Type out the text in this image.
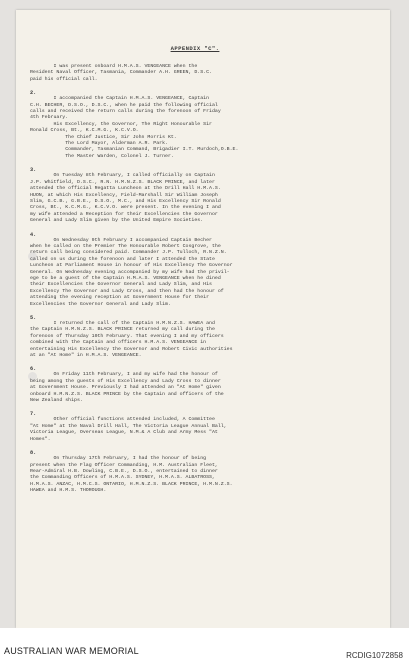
APPENDIX "C".

I was present onboard H.M.A.S. VENGEANCE when the
Resident Naval Officer, Tasmania, Commander A.H. GREEN, D.S.C.
paid his official call.

2.

I accompanied the Captain H.M.A.S. VENGEANCE, Captain
C.H. BECHER, D.S.O., D.S.C., when he paid the following official
calls and received the return calls during the forenoon of Friday
4th February.
His Excellency, the Governor, The Right Honourable Sir
Ronald Cross, Bt., K.C.M.G., K.C.V.O.
The Chief Justice, Sir John Morris Kt.
The Lord Mayor, Alderman A.R. Park.
Commander, Tasmanian Command, Brigadier I.T. Murdoch,O.B.E.
The Master Warden, Colonel J. Turner.

3.

On Tuesday 8th February, I called officially on Captain
J.P. Whitfield, D.S.C., R.N. H.M.N.Z.S. BLACK PRINCE, and later
attended the official Regatta Luncheon at the Drill Hall H.M.A.S.
HUON, at which His Excellency, Field-Marshall Sir William Joseph
Slim, G.C.B., G.B.E., D.S.O., M.C., and His Excellency Sir Ronald
Cross, Bt., K.C.M.G., K.C.V.O. were present. In the evening I and
my wife attended a Reception for their Excellencies the Governor
General and Lady Slim given by the United Empire Societies.

4.

On Wednesday 9th February I accompanied Captain Becher
when he called on the Premier The Honourable Robert Cosgrove, the
return call being considered paid. Commander J.P. Tulloch, R.N.Z.N.
called on us during the forenoon and later I attended the State
Luncheon at Parliament House in honour of His Excellency The Governor
General. On Wednesday evening accompanied by my wife had the privil-
ege to be a guest of the Captain H.M.A.S. VENGEANCE when he dined
their Excellencies the Governor General and Lady Slim, and His
Excellency The Governor and Lady Cross, and then had the honour of
attending the evening reception at Government House for their
Excellencies the Governor General and Lady Slim.

5.

I returned the call of the Captain H.M.N.Z.S. HAWEA and
the Captain H.M.N.Z.S. BLACK PRINCE returned my call during the
forenoon of Thursday 10th February. That evening I and my officers
combined with the Captain and officers H.M.A.S. VENGEANCE in
entertaining His Excellency the Governor and Robert Civic authorities
at an "At Home" in H.M.A.S. VENGEANCE.

6.

On Friday 11th February, I and my wife had the honour of
being among the guests of His Excellency and Lady Cross to dinner
at Government House. Previously I had attended an "At Home" given
onboard H.M.N.Z.S. BLACK PRINCE by the Captain and officers of the
New Zealand ships.

7.

Other official functions attended included, A Committee
"At Home" at the Naval Drill Hall, The Victoria League Annual Ball,
Victoria League, Overseas League, N.M.& A Club and Army Mess "At
Homes".

8.

On Thursday 17th February, I had the honour of being
present when the Flag Officer Commanding, H.M. Australian Fleet,
Rear-Admiral H.B. Dowling, C.B.E., D.S.O., entertained to dinner
the Commanding Officers of H.M.A.S. SYDNEY, H.M.A.S. ALBATROSS,
H.M.A.S. ANZAC, H.M.C.S. ONTARIO, H.M.N.Z.S. BLACK PRINCE, H.M.N.Z.S.
HAWEA and H.M.S. THOROUGH.

AUSTRALIAN WAR MEMORIAL	RCDIG1072858
